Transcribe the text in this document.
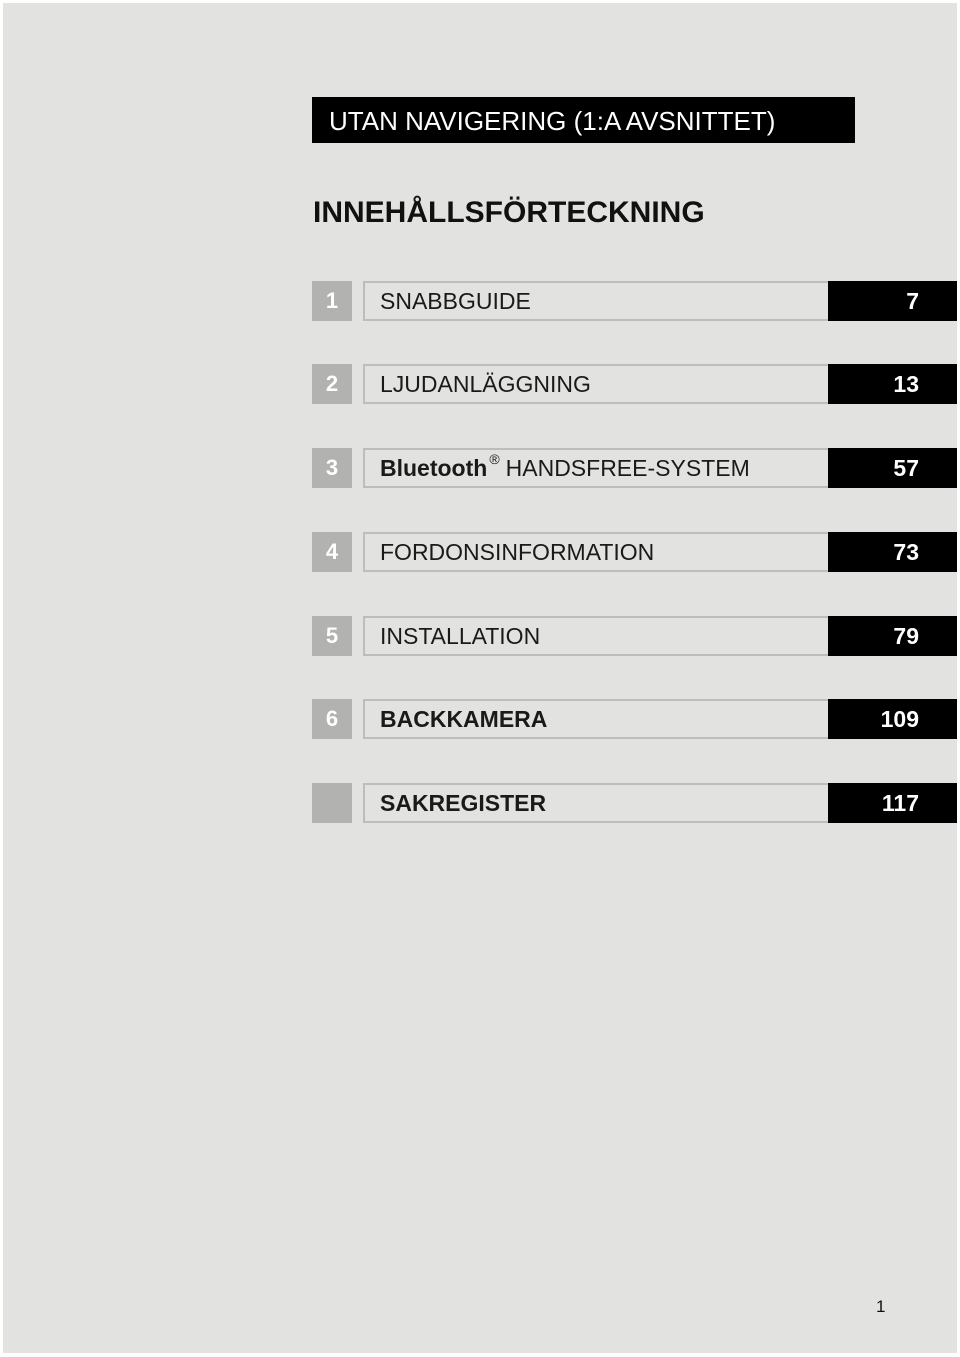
UTAN NAVIGERING (1:A AVSNITTET)
INNEHÅLLSFÖRTECKNING
1	SNABBGUIDE	7
2	LJUDANLÄGGNING	13
3	Bluetooth ® HANDSFREE-SYSTEM	57
4	FORDONSINFORMATION	73
5	INSTALLATION	79
6	BACKKAMERA	109
SAKREGISTER	117
1
